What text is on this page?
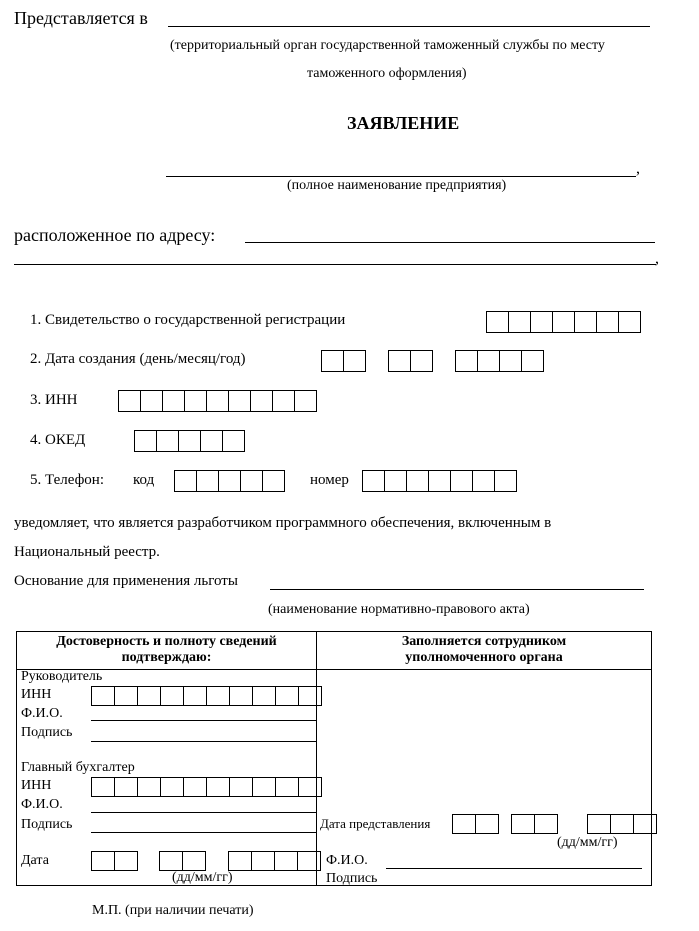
Представляется в
(территориальный орган государственной таможенный службы по месту
таможенного оформления)
ЗАЯВЛЕНИЕ
,
(полное наименование предприятия)
расположенное по адресу:
,
1. Свидетельство о государственной регистрации
2. Дата создания (день/месяц/год)
3. ИНН
4. ОКЕД
5. Телефон: код	номер
уведомляет, что является разработчиком программного обеспечения, включенным в
Национальный реестр.
Основание для применения льготы
(наименование нормативно-правового акта)
Достоверность и полноту сведений
подтверждаю:
Заполняется сотрудником
уполномоченного органа
Руководитель
ИНН
Ф.И.О.
Подпись
Главный бухгалтер
ИНН
Ф.И.О.
Подпись
Дата
(дд/мм/гг)
Дата представления
(дд/мм/гг)
Ф.И.О.
Подпись
М.П. (при наличии печати)
